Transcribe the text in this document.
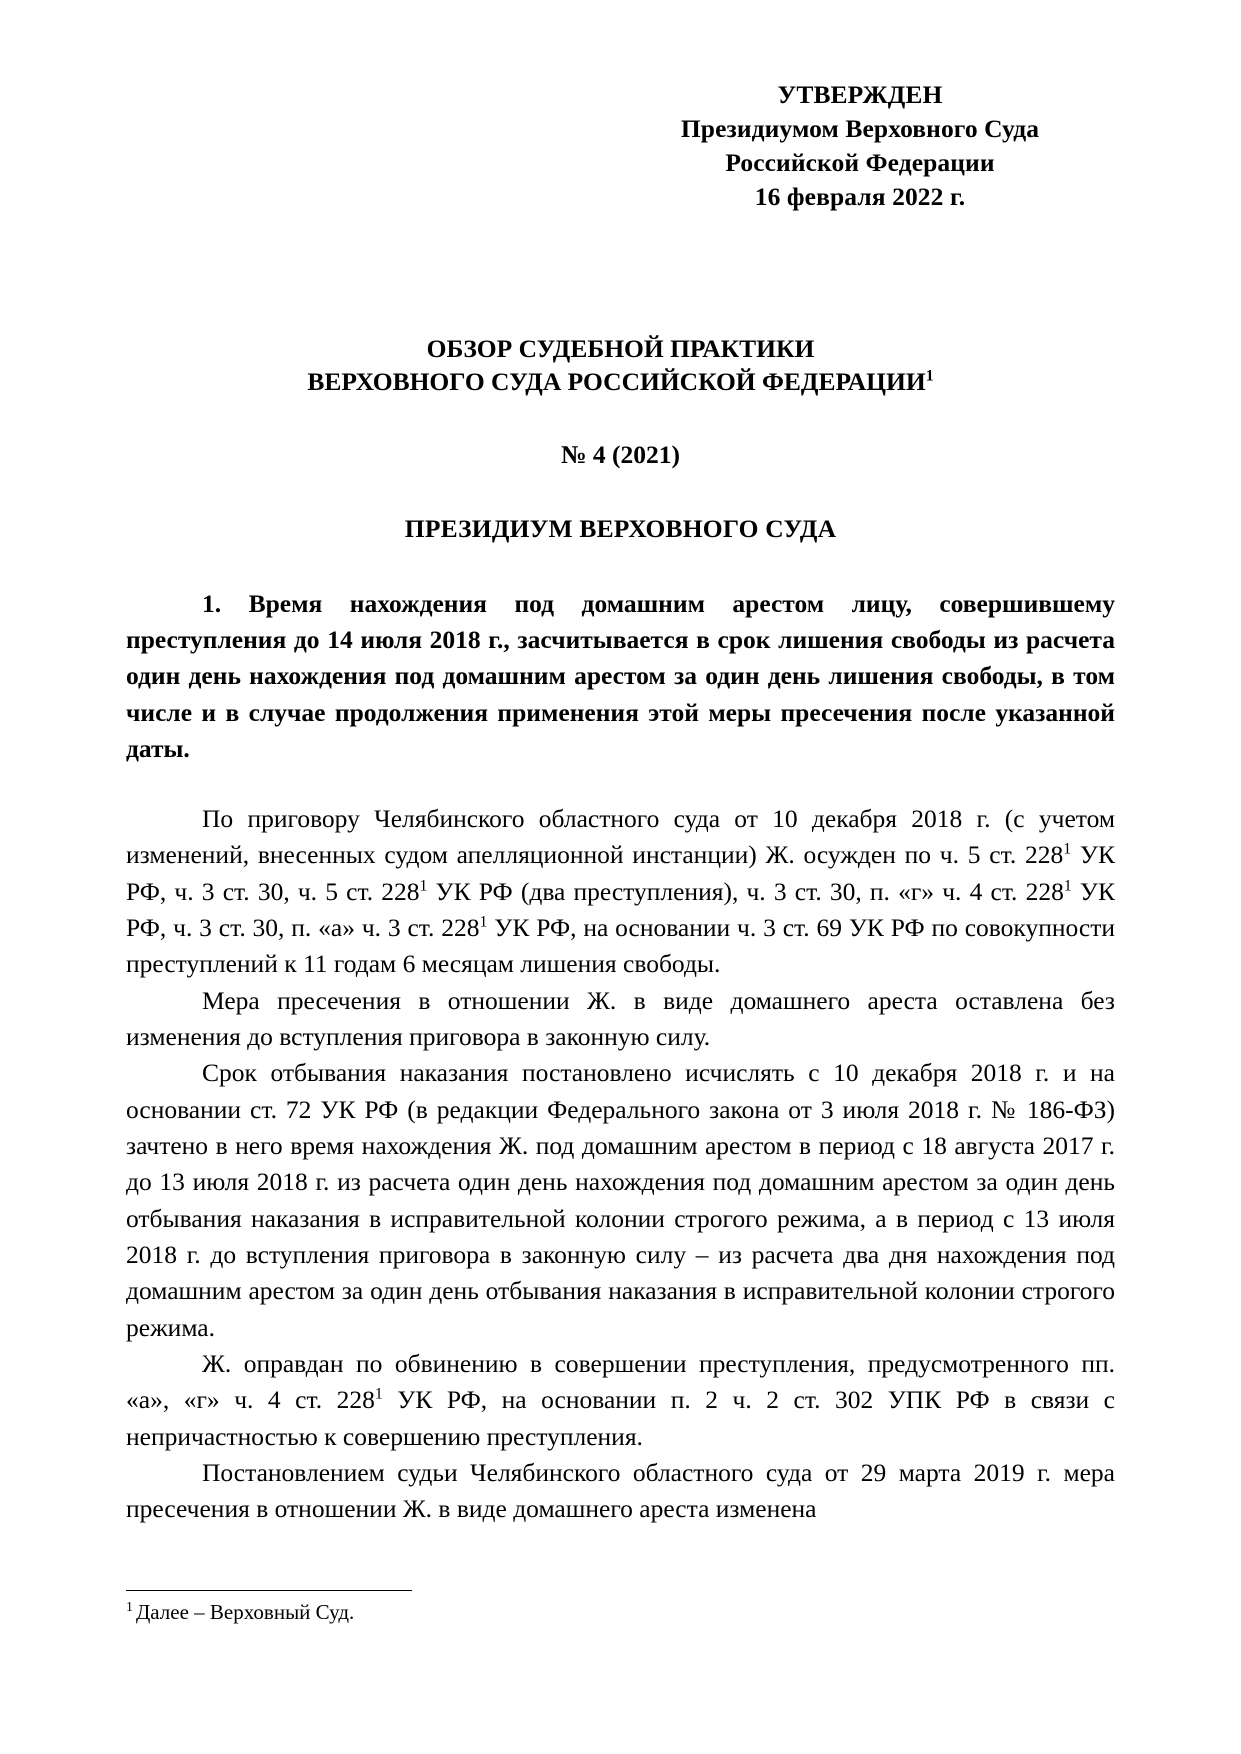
УТВЕРЖДЕН
Президиумом Верховного Суда
Российской Федерации
16 февраля 2022 г.
ОБЗОР СУДЕБНОЙ ПРАКТИКИ
ВЕРХОВНОГО СУДА РОССИЙСКОЙ ФЕДЕРАЦИИ$^1$
№ 4 (2021)
ПРЕЗИДИУМ ВЕРХОВНОГО СУДА
1. Время нахождения под домашним арестом лицу, совершившему преступления до 14 июля 2018 г., засчитывается в срок лишения свободы из расчета один день нахождения под домашним арестом за один день лишения свободы, в том числе и в случае продолжения применения этой меры пресечения после указанной даты.

По приговору Челябинского областного суда от 10 декабря 2018 г. (с учетом изменений, внесенных судом апелляционной инстанции) Ж. осужден по ч. 5 ст. $228^1$ УК РФ, ч. 3 ст. 30, ч. 5 ст. $228^1$ УК РФ (два преступления), ч. 3 ст. 30, п. «г» ч. 4 ст. $228^1$ УК РФ, ч. 3 ст. 30, п. «а» ч. 3 ст. $228^1$ УК РФ, на основании ч. 3 ст. 69 УК РФ по совокупности преступлений к 11 годам 6 месяцам лишения свободы.

Мера пресечения в отношении Ж. в виде домашнего ареста оставлена без изменения до вступления приговора в законную силу.

Срок отбывания наказания постановлено исчислять с 10 декабря 2018 г. и на основании ст. 72 УК РФ (в редакции Федерального закона от 3 июля 2018 г. № 186-ФЗ) зачтено в него время нахождения Ж. под домашним арестом в период с 18 августа 2017 г. до 13 июля 2018 г. из расчета один день нахождения под домашним арестом за один день отбывания наказания в исправительной колонии строгого режима, а в период с 13 июля 2018 г. до вступления приговора в законную силу – из расчета два дня нахождения под домашним арестом за один день отбывания наказания в исправительной колонии строгого режима.

Ж. оправдан по обвинению в совершении преступления, предусмотренного пп. «а», «г» ч. 4 ст. $228^1$ УК РФ, на основании п. 2 ч. 2 ст. 302 УПК РФ в связи с непричастностью к совершению преступления.

Постановлением судьи Челябинского областного суда от 29 марта 2019 г. мера пресечения в отношении Ж. в виде домашнего ареста изменена

$^1$ Далее – Верховный Суд.
